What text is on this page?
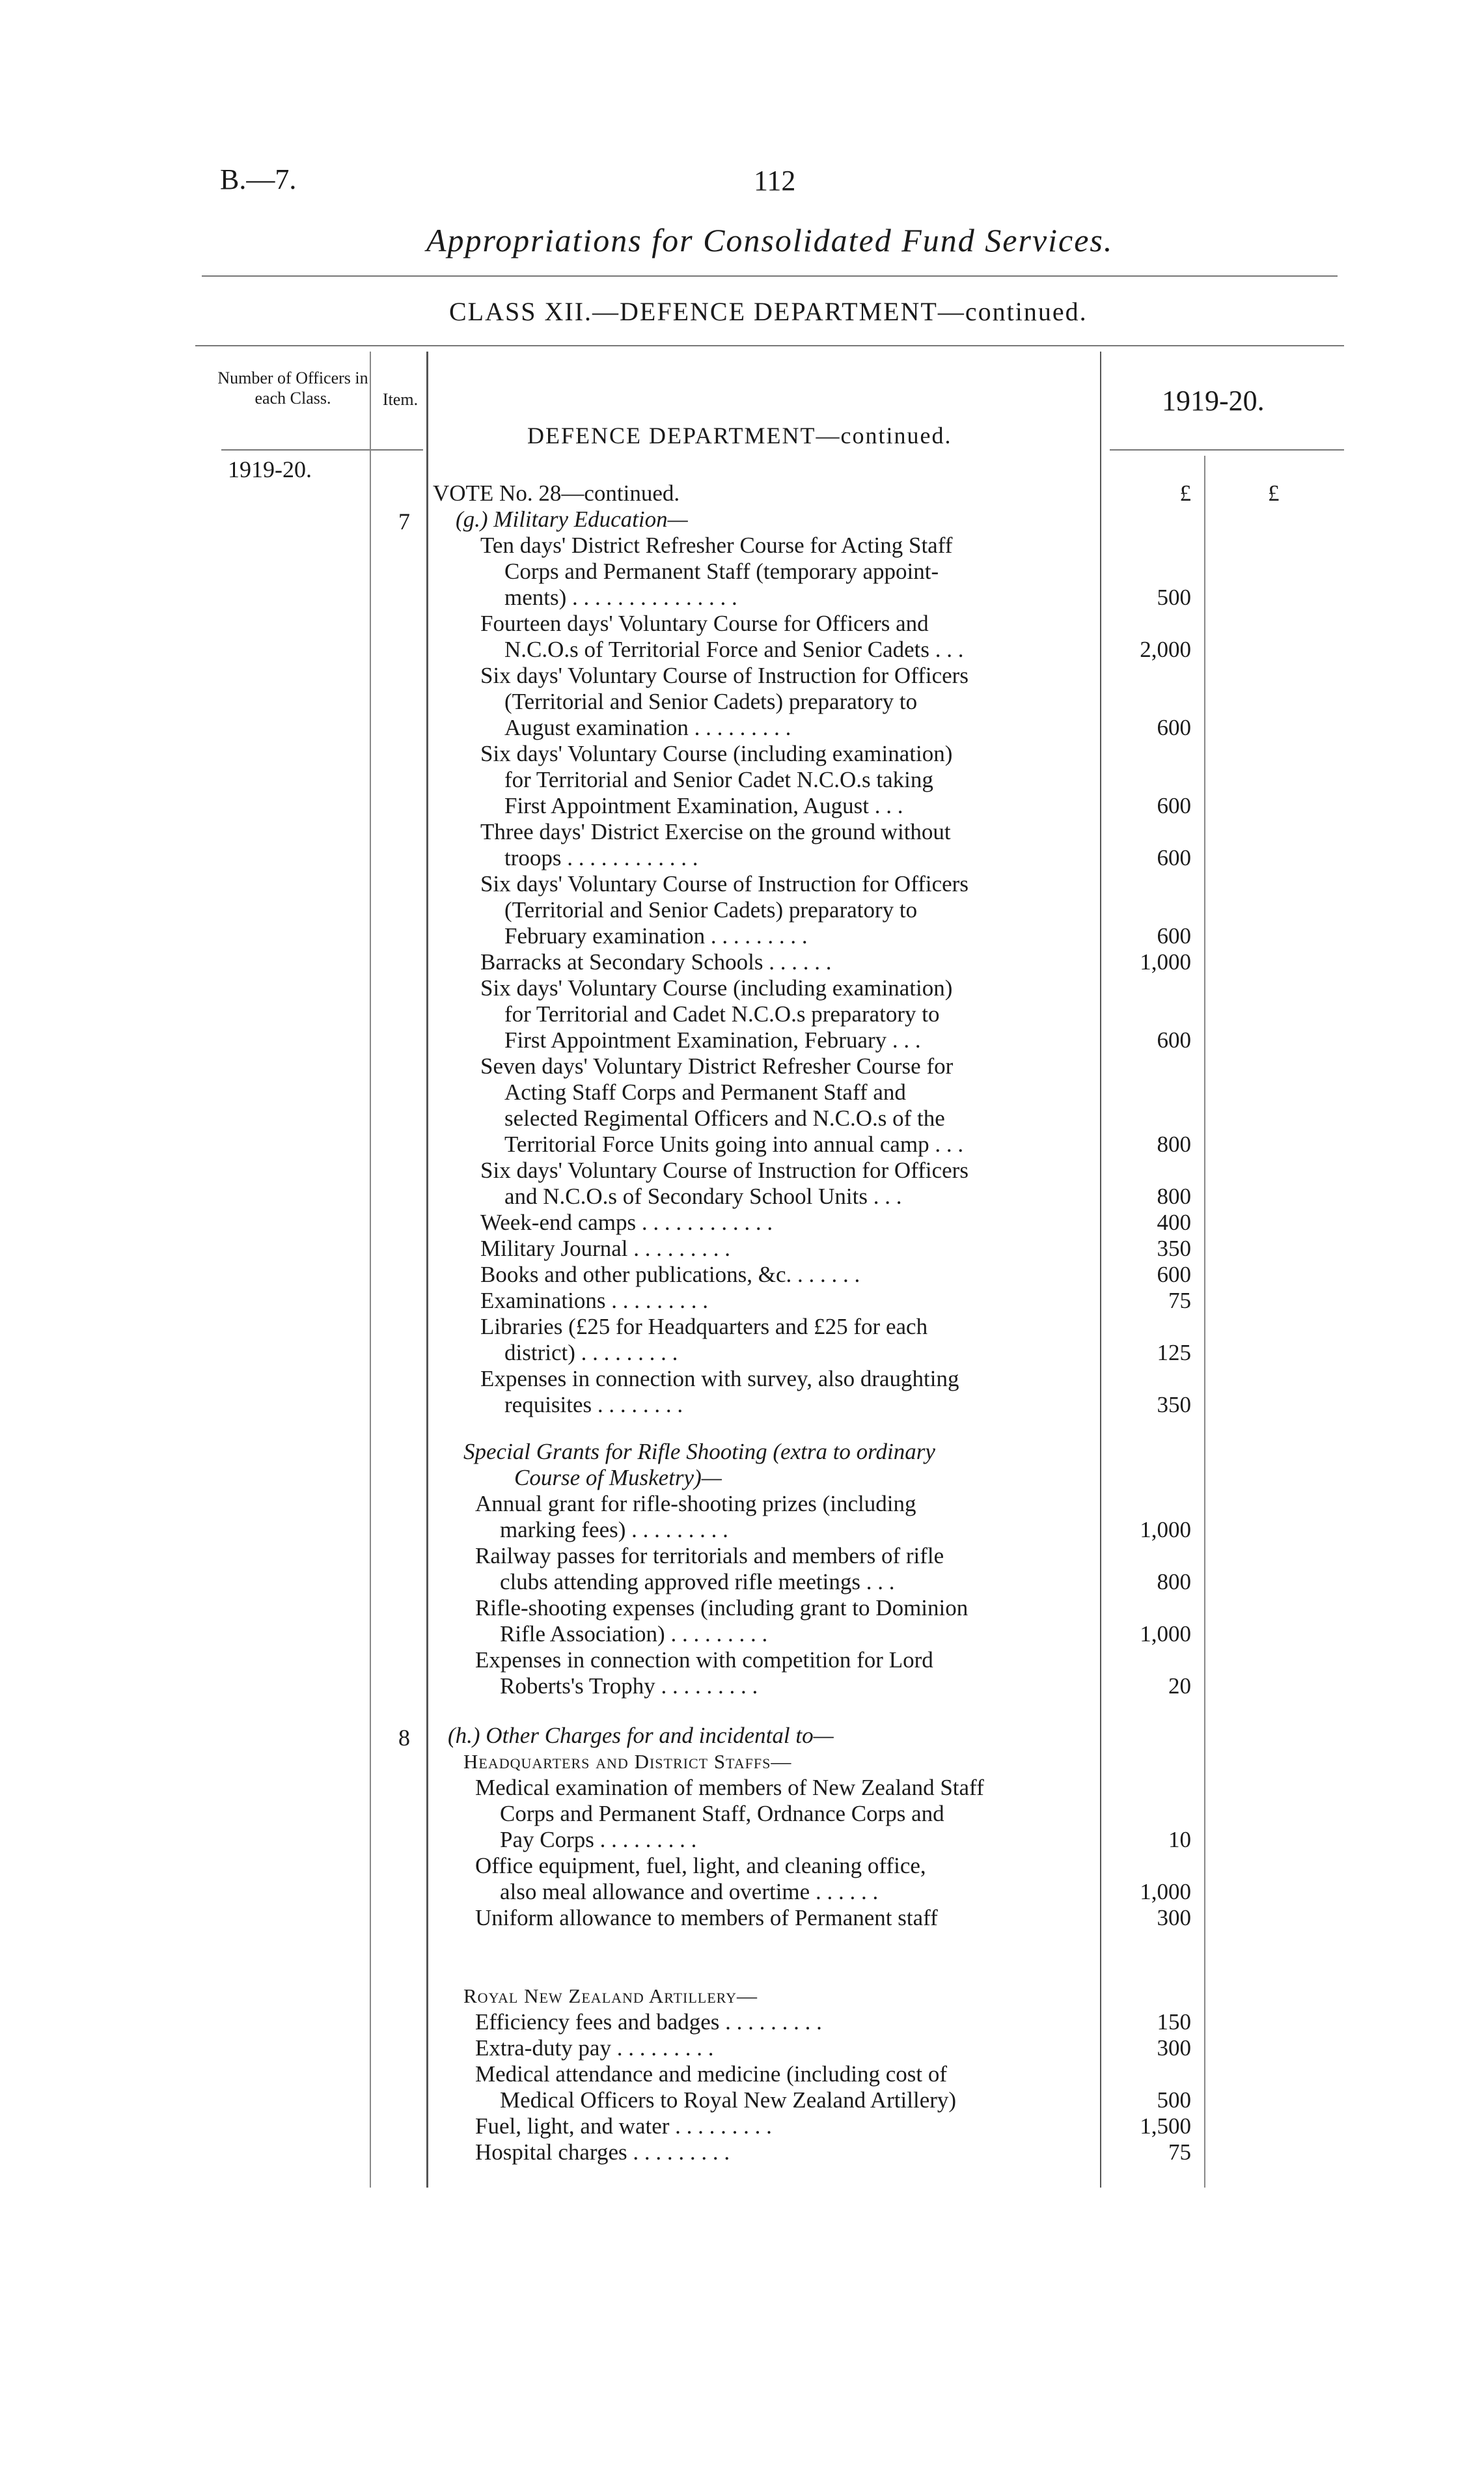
B.—7.	112
Appropriations for Consolidated Fund Services.
CLASS XII.—DEFENCE DEPARTMENT—continued.
Number of Officers in each Class.	Item.
DEFENCE DEPARTMENT—continued.
1919-20.
1919-20.
VOTE No. 28—continued.	£	£
7 (g.) Military Education—
Ten days' District Refresher Course for Acting Staff
Corps and Permanent Staff (temporary appoint-
ments) . . . . . . . . . . . . . . .	500
Fourteen days' Voluntary Course for Officers and
N.C.O.s of Territorial Force and Senior Cadets . . .	2,000
Six days' Voluntary Course of Instruction for Officers
(Territorial and Senior Cadets) preparatory to
August examination . . . . . . . . .	600
Six days' Voluntary Course (including examination)
for Territorial and Senior Cadet N.C.O.s taking
First Appointment Examination, August . . .	600
Three days' District Exercise on the ground without
troops . . . . . . . . . . . .	600
Six days' Voluntary Course of Instruction for Officers
(Territorial and Senior Cadets) preparatory to
February examination . . . . . . . . .	600
Barracks at Secondary Schools . . . . . .	1,000
Six days' Voluntary Course (including examination)
for Territorial and Cadet N.C.O.s preparatory to
First Appointment Examination, February . . .	600
Seven days' Voluntary District Refresher Course for
Acting Staff Corps and Permanent Staff and
selected Regimental Officers and N.C.O.s of the
Territorial Force Units going into annual camp . . .	800
Six days' Voluntary Course of Instruction for Officers
and N.C.O.s of Secondary School Units . . .	800
Week-end camps . . . . . . . . . . . .	400
Military Journal . . . . . . . . .	350
Books and other publications, &c. . . . . . .	600
Examinations . . . . . . . . .	75
Libraries (£25 for Headquarters and £25 for each
district) . . . . . . . . .	125
Expenses in connection with survey, also draughting
requisites . . . . . . . .	350
Special Grants for Rifle Shooting (extra to ordinary
Course of Musketry)—
Annual grant for rifle-shooting prizes (including
marking fees) . . . . . . . . .	1,000
Railway passes for territorials and members of rifle
clubs attending approved rifle meetings . . .	800
Rifle-shooting expenses (including grant to Dominion
Rifle Association) . . . . . . . . .	1,000
Expenses in connection with competition for Lord
Roberts's Trophy . . . . . . . . .	20
8 (h.) Other Charges for and incidental to—
Headquarters and District Staffs—
Medical examination of members of New Zealand Staff
Corps and Permanent Staff, Ordnance Corps and
Pay Corps . . . . . . . . .	10
Office equipment, fuel, light, and cleaning office,
also meal allowance and overtime . . . . . .	1,000
Uniform allowance to members of Permanent staff	300
Royal New Zealand Artillery—
Efficiency fees and badges . . . . . . . . .	150
Extra-duty pay . . . . . . . . .	300
Medical attendance and medicine (including cost of
Medical Officers to Royal New Zealand Artillery)	500
Fuel, light, and water . . . . . . . . .	1,500
Hospital charges . . . . . . . . .	75
